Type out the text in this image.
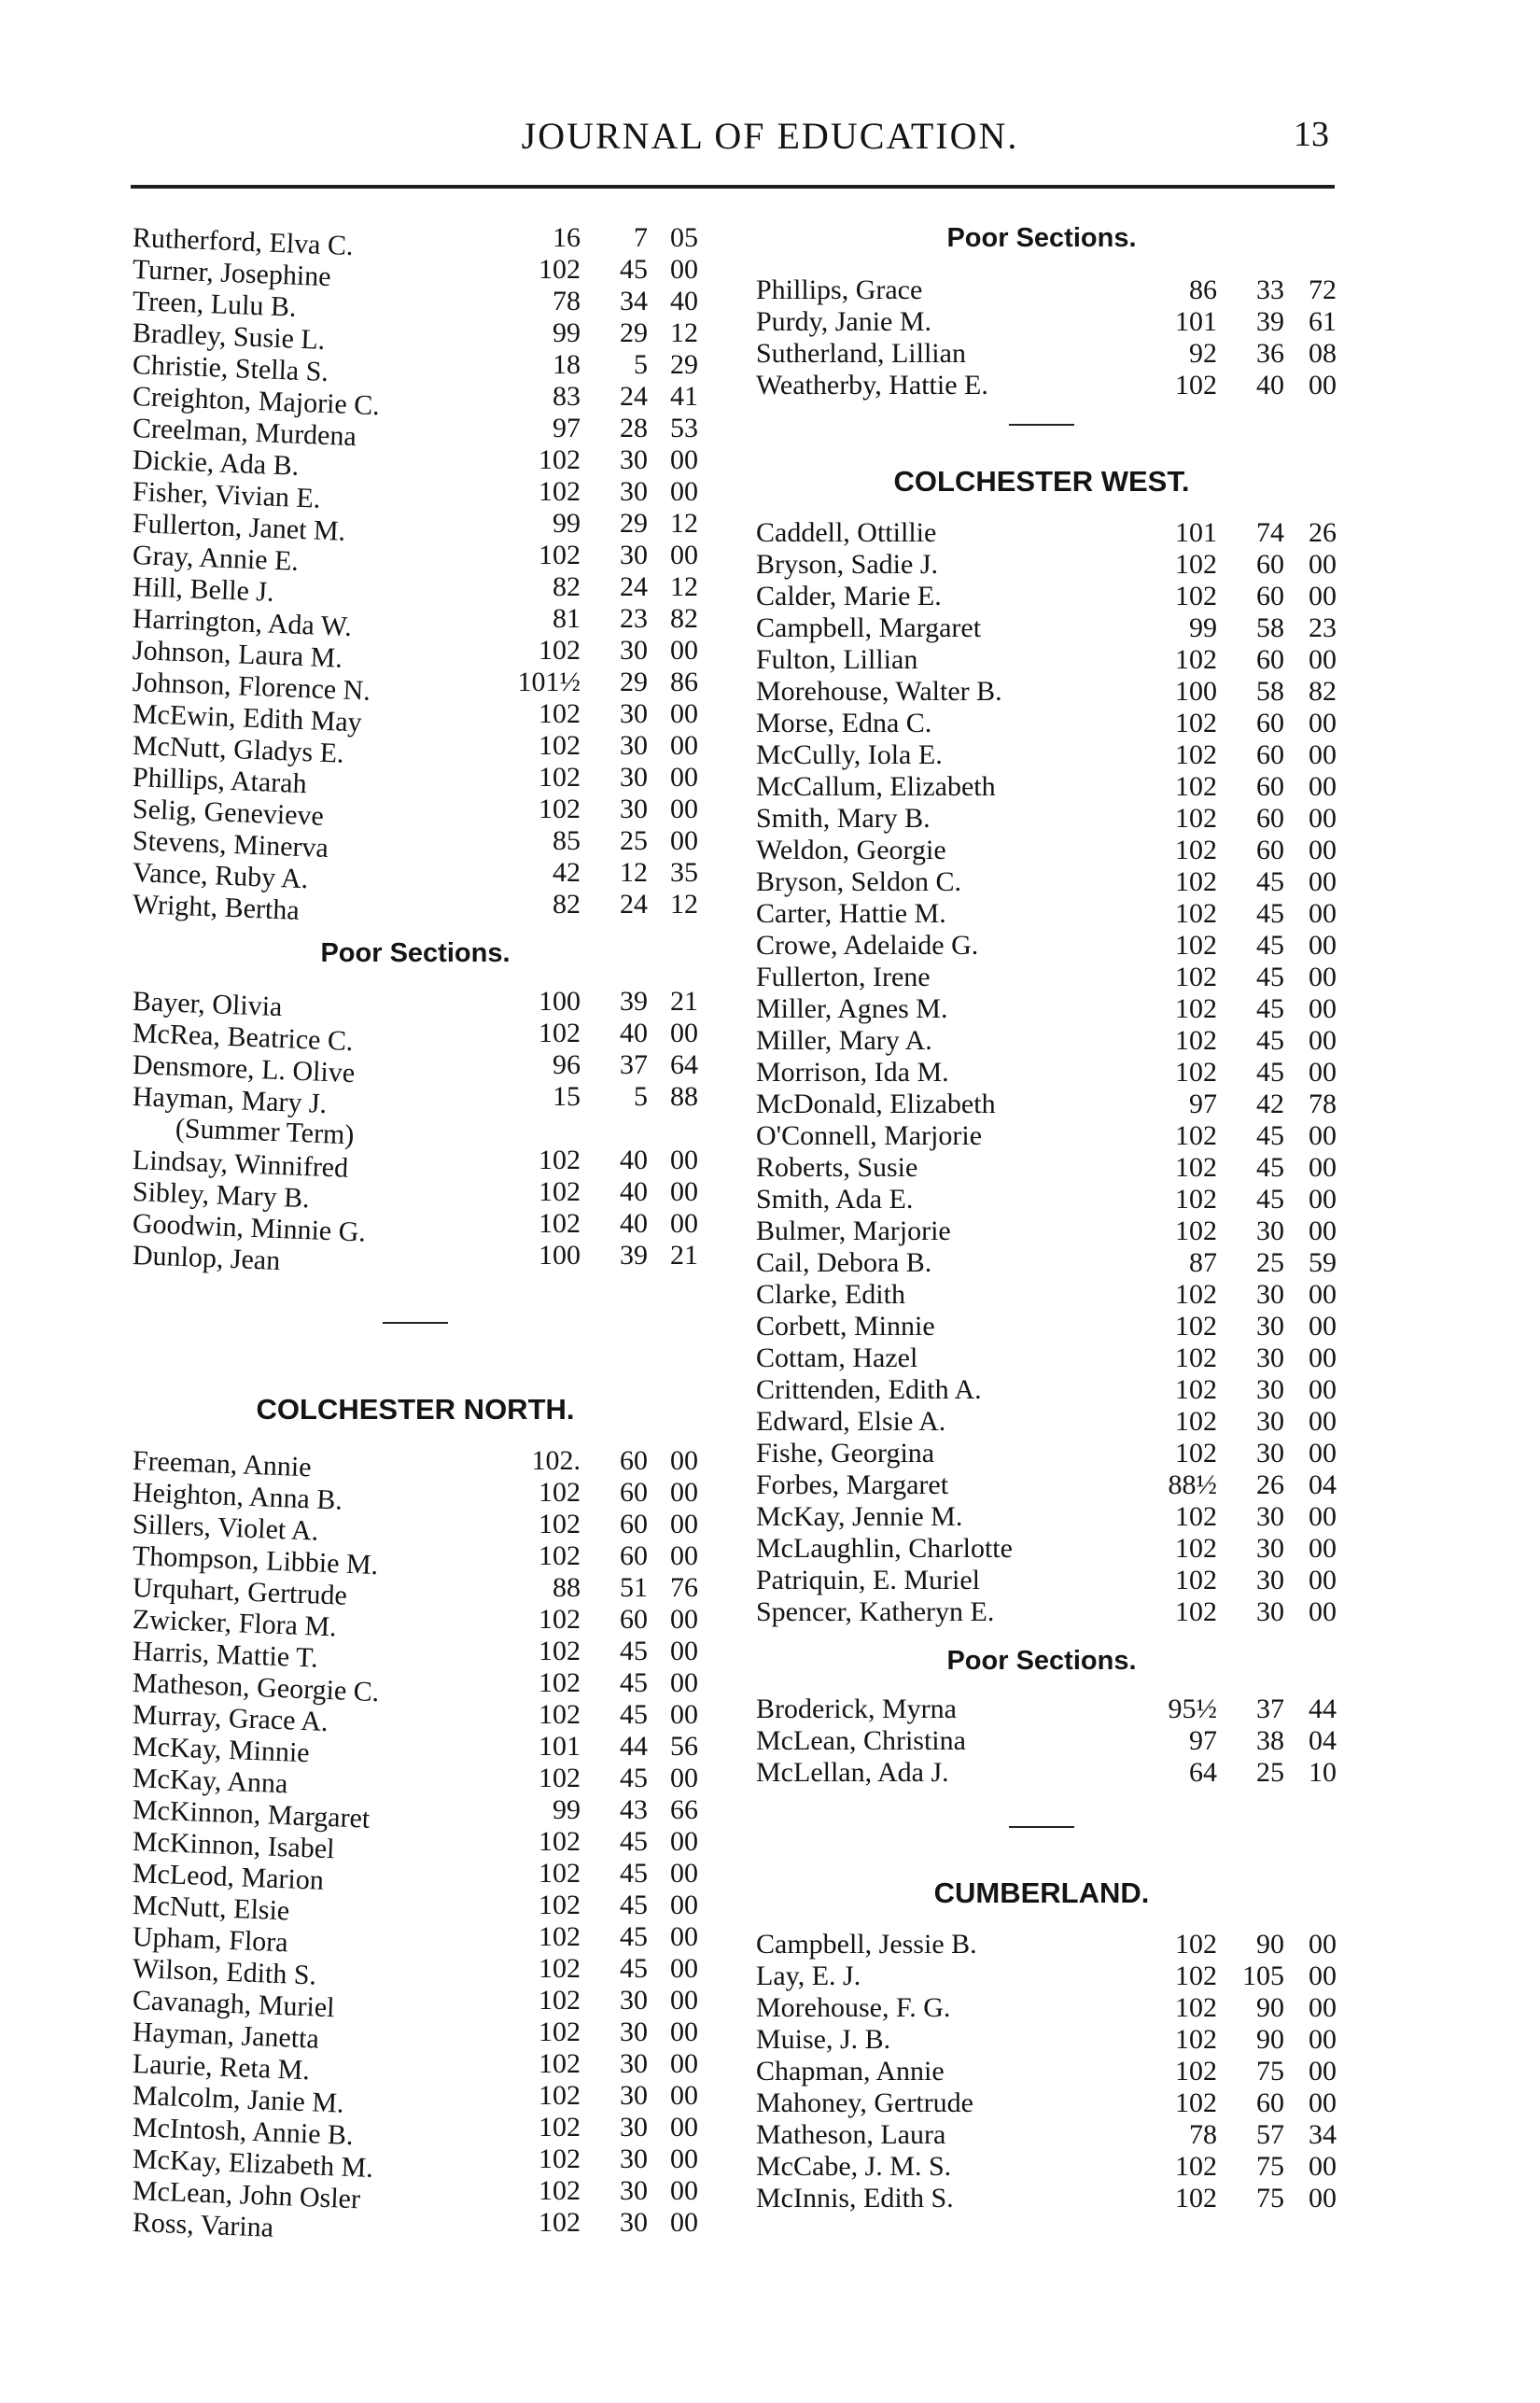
JOURNAL OF EDUCATION.	13
Rutherford, Elva C.	16	7 05
Turner, Josephine	102	45 00
Treen, Lulu B.	78	34 40
Bradley, Susie L.	99	29 12
Christie, Stella S.	18	5 29
Creighton, Majorie C.	83	24 41
Creelman, Murdena	97	28 53
Dickie, Ada B.	102	30 00
Fisher, Vivian E.	102	30 00
Fullerton, Janet M.	99	29 12
Gray, Annie E.	102	30 00
Hill, Belle J.	82	24 12
Harrington, Ada W.	81	23 82
Johnson, Laura M.	102	30 00
Johnson, Florence N.	101½	29 86
McEwin, Edith May	102	30 00
McNutt, Gladys E.	102	30 00
Phillips, Atarah	102	30 00
Selig, Genevieve	102	30 00
Stevens, Minerva	85	25 00
Vance, Ruby A.	42	12 35
Wright, Bertha	82	24 12
Poor Sections.
Bayer, Olivia	100	39 21
McRea, Beatrice C.	102	40 00
Densmore, L. Olive	96	37 64
Hayman, Mary J.	15	5 88
(Summer Term)
Lindsay, Winnifred	102	40 00
Sibley, Mary B.	102	40 00
Goodwin, Minnie G.	102	40 00
Dunlop, Jean	100	39 21
COLCHESTER NORTH.
Freeman, Annie	102.	60 00
Heighton, Anna B.	102	60 00
Sillers, Violet A.	102	60 00
Thompson, Libbie M.	102	60 00
Urquhart, Gertrude	88	51 76
Zwicker, Flora M.	102	60 00
Harris, Mattie T.	102	45 00
Matheson, Georgie C.	102	45 00
Murray, Grace A.	102	45 00
McKay, Minnie	101	44 56
McKay, Anna	102	45 00
McKinnon, Margaret	99	43 66
McKinnon, Isabel	102	45 00
McLeod, Marion	102	45 00
McNutt, Elsie	102	45 00
Upham, Flora	102	45 00
Wilson, Edith S.	102	45 00
Cavanagh, Muriel	102	30 00
Hayman, Janetta	102	30 00
Laurie, Reta M.	102	30 00
Malcolm, Janie M.	102	30 00
McIntosh, Annie B.	102	30 00
McKay, Elizabeth M.	102	30 00
McLean, John Osler	102	30 00
Ross, Varina	102	30 00
Poor Sections.
Phillips, Grace	86	33 72
Purdy, Janie M.	101	39 61
Sutherland, Lillian	92	36 08
Weatherby, Hattie E.	102	40 00
COLCHESTER WEST.
Caddell, Ottillie	101	74 26
Bryson, Sadie J.	102	60 00
Calder, Marie E.	102	60 00
Campbell, Margaret	99	58 23
Fulton, Lillian	102	60 00
Morehouse, Walter B.	100	58 82
Morse, Edna C.	102	60 00
McCully, Iola E.	102	60 00
McCallum, Elizabeth	102	60 00
Smith, Mary B.	102	60 00
Weldon, Georgie	102	60 00
Bryson, Seldon C.	102	45 00
Carter, Hattie M.	102	45 00
Crowe, Adelaide G.	102	45 00
Fullerton, Irene	102	45 00
Miller, Agnes M.	102	45 00
Miller, Mary A.	102	45 00
Morrison, Ida M.	102	45 00
McDonald, Elizabeth	97	42 78
O'Connell, Marjorie	102	45 00
Roberts, Susie	102	45 00
Smith, Ada E.	102	45 00
Bulmer, Marjorie	102	30 00
Cail, Debora B.	87	25 59
Clarke, Edith	102	30 00
Corbett, Minnie	102	30 00
Cottam, Hazel	102	30 00
Crittenden, Edith A.	102	30 00
Edward, Elsie A.	102	30 00
Fishe, Georgina	102	30 00
Forbes, Margaret	88½	26 04
McKay, Jennie M.	102	30 00
McLaughlin, Charlotte	102	30 00
Patriquin, E. Muriel	102	30 00
Spencer, Katheryn E.	102	30 00
Poor Sections.
Broderick, Myrna	95½	37 44
McLean, Christina	97	38 04
McLellan, Ada J.	64	25 10
CUMBERLAND.
Campbell, Jessie B.	102	90 00
Lay, E. J.	102 105 00
Morehouse, F. G.	102	90 00
Muise, J. B.	102	90 00
Chapman, Annie	102	75 00
Mahoney, Gertrude	102	60 00
Matheson, Laura	78	57 34
McCabe, J. M. S.	102	75 00
McInnis, Edith S.	102	75 00
